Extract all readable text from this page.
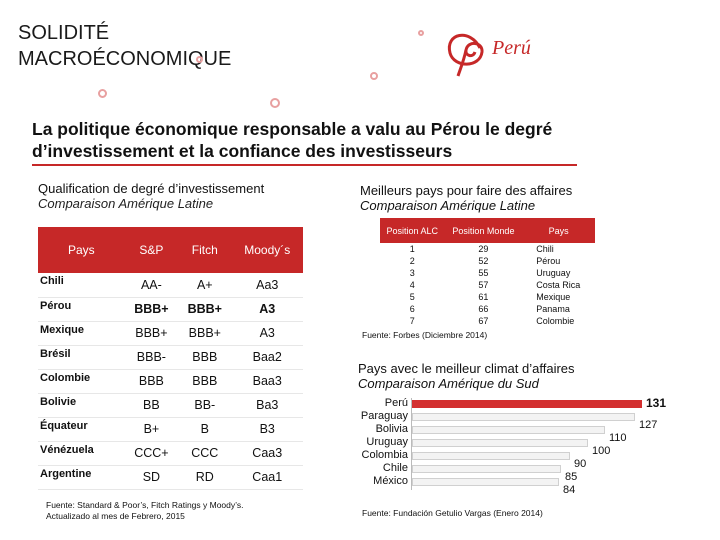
SOLIDITÉ
MACROÉCONOMIQUE	Perú
La politique économique responsable a valu au Pérou le degré d’investissement et la confiance des investisseurs
Qualification de degré d’investissement
Comparaison Amérique Latine
Pays	S&P	Fitch	Moody´s
Chili	AA-	A+	Aa3
Pérou	BBB+	BBB+	A3
Mexique	BBB+	BBB+	A3
Brésil	BBB-	BBB	Baa2
Colombie	BBB	BBB	Baa3
Bolivie	BB	BB-	Ba3
Équateur	B+	B	B3
Vénézuela	CCC+	CCC	Caa3
Argentine	SD	RD	Caa1
Fuente: Standard & Poor’s, Fitch Ratings y Moody’s.
Actualizado al mes de Febrero, 2015
Meilleurs pays pour faire des affaires
Comparaison Amérique Latine
Position ALC	Position Monde	Pays
1	29	Chili
2	52	Pérou
3	55	Uruguay
4	57	Costa Rica
5	61	Mexique
6	66	Panama
7	67	Colombie
Fuente: Forbes (Diciembre 2014)
Pays avec le meilleur climat d’affaires
Comparaison Amérique du Sud
131
127
110
100
90
85
84
Perú
Paraguay
Bolivia
Uruguay
Colombia
Chile
México
Fuente: Fundación Getulio Vargas (Enero 2014)
